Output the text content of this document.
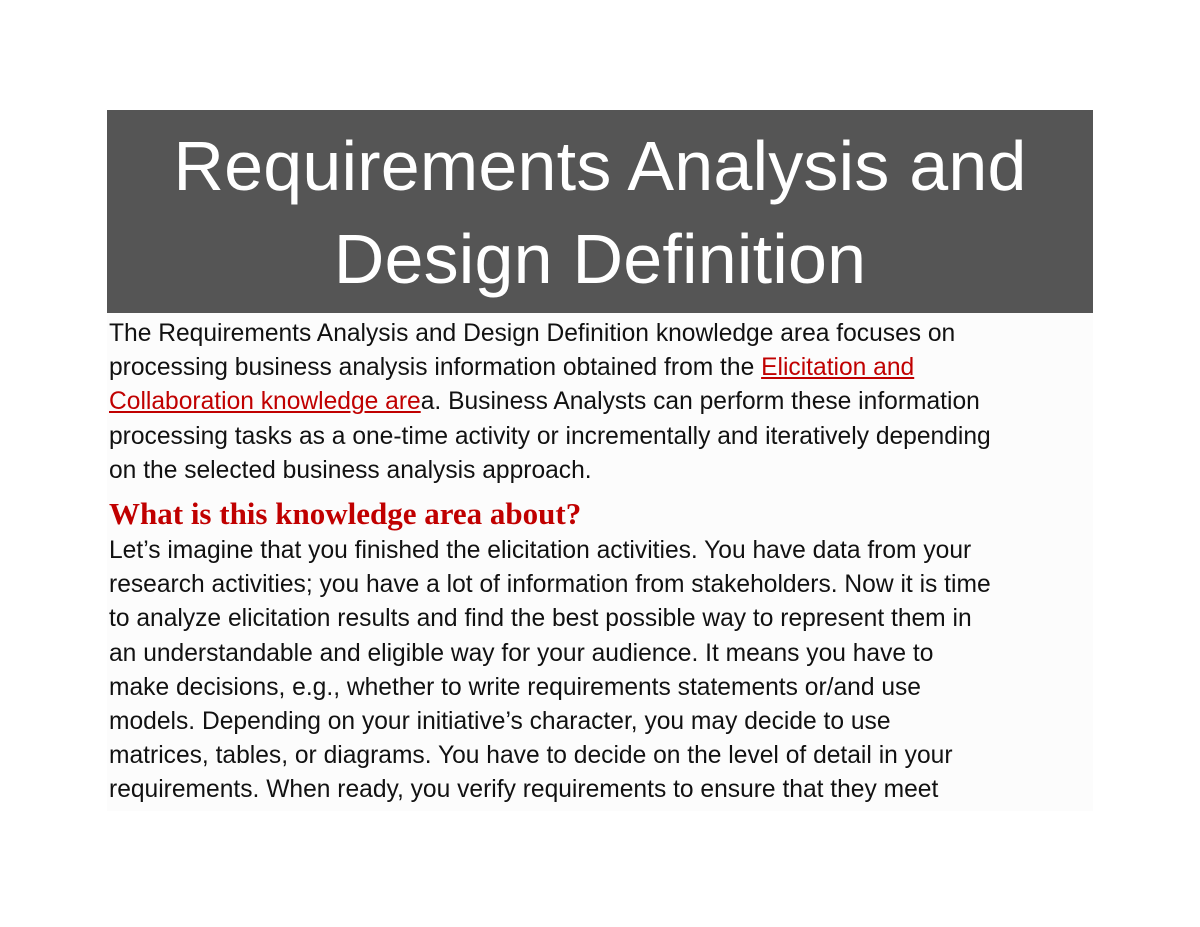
Requirements Analysis and
Design Definition
The Requirements Analysis and Design Definition knowledge area focuses on
processing business analysis information obtained from the Elicitation and
Collaboration knowledge area. Business Analysts can perform these information
processing tasks as a one-time activity or incrementally and iteratively depending
on the selected business analysis approach.
What is this knowledge area about?
Let’s imagine that you finished the elicitation activities. You have data from your
research activities; you have a lot of information from stakeholders. Now it is time
to analyze elicitation results and find the best possible way to represent them in
an understandable and eligible way for your audience. It means you have to
make decisions, e.g., whether to write requirements statements or/and use
models. Depending on your initiative’s character, you may decide to use
matrices, tables, or diagrams. You have to decide on the level of detail in your
requirements. When ready, you verify requirements to ensure that they meet
